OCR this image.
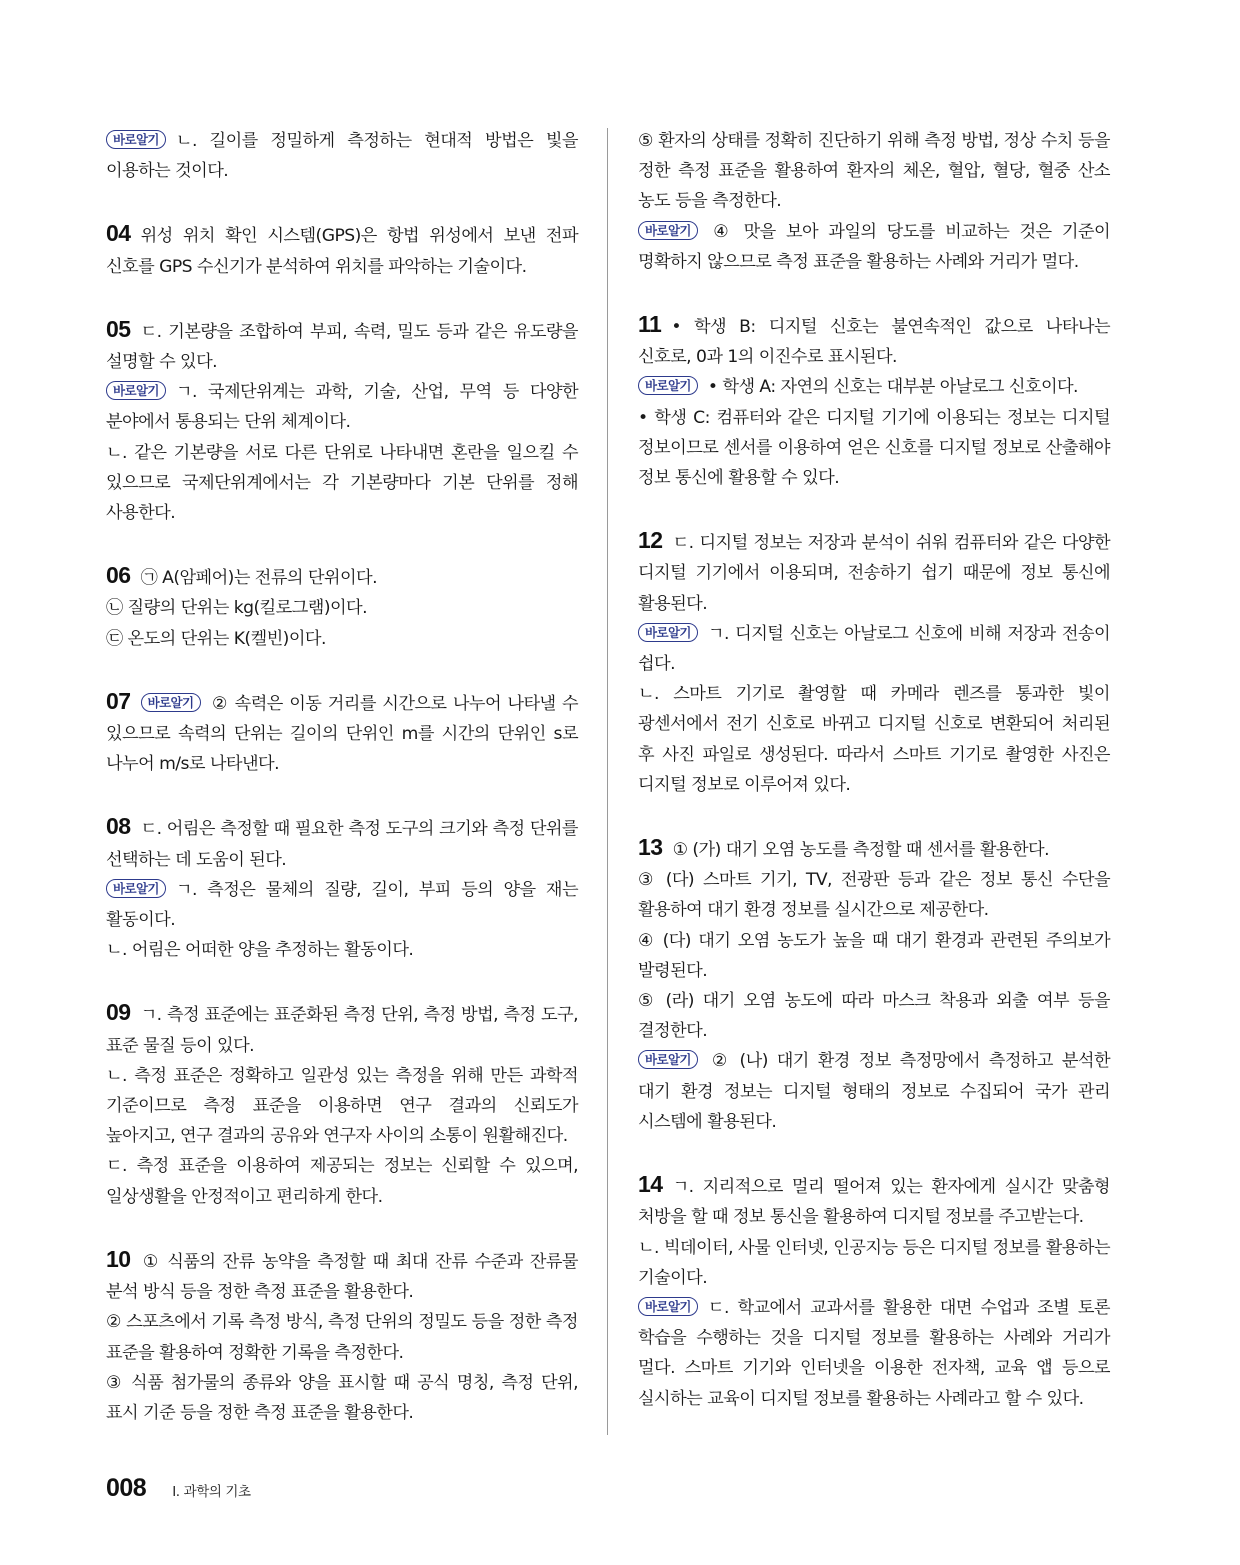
바로알기 ㄴ. 길이를 정밀하게 측정하는 현대적 방법은 빛을 이용하는 것이다.

04 위성 위치 확인 시스템(GPS)은 항법 위성에서 보낸 전파 신호를 GPS 수신기가 분석하여 위치를 파악하는 기술이다.

05 ㄷ. 기본량을 조합하여 부피, 속력, 밀도 등과 같은 유도량을 설명할 수 있다.

바로알기 ㄱ. 국제단위계는 과학, 기술, 산업, 무역 등 다양한 분야에서 통용되는 단위 체계이다.

ㄴ. 같은 기본량을 서로 다른 단위로 나타내면 혼란을 일으킬 수 있으므로 국제단위계에서는 각 기본량마다 기본 단위를 정해 사용한다.

06 ㉠ A(암페어)는 전류의 단위이다.

㉡ 질량의 단위는 kg(킬로그램)이다.

㉢ 온도의 단위는 K(켈빈)이다.

07 바로알기 ② 속력은 이동 거리를 시간으로 나누어 나타낼 수 있으므로 속력의 단위는 길이의 단위인 m를 시간의 단위인 s로 나누어 m/s로 나타낸다.

08 ㄷ. 어림은 측정할 때 필요한 측정 도구의 크기와 측정 단위를 선택하는 데 도움이 된다.

바로알기 ㄱ. 측정은 물체의 질량, 길이, 부피 등의 양을 재는 활동이다.

ㄴ. 어림은 어떠한 양을 추정하는 활동이다.

09 ㄱ. 측정 표준에는 표준화된 측정 단위, 측정 방법, 측정 도구, 표준 물질 등이 있다.

ㄴ. 측정 표준은 정확하고 일관성 있는 측정을 위해 만든 과학적 기준이므로 측정 표준을 이용하면 연구 결과의 신뢰도가 높아지고, 연구 결과의 공유와 연구자 사이의 소통이 원활해진다.

ㄷ. 측정 표준을 이용하여 제공되는 정보는 신뢰할 수 있으며, 일상생활을 안정적이고 편리하게 한다.

10 ① 식품의 잔류 농약을 측정할 때 최대 잔류 수준과 잔류물 분석 방식 등을 정한 측정 표준을 활용한다.

② 스포츠에서 기록 측정 방식, 측정 단위의 정밀도 등을 정한 측정 표준을 활용하여 정확한 기록을 측정한다.

③ 식품 첨가물의 종류와 양을 표시할 때 공식 명칭, 측정 단위, 표시 기준 등을 정한 측정 표준을 활용한다.

⑤ 환자의 상태를 정확히 진단하기 위해 측정 방법, 정상 수치 등을 정한 측정 표준을 활용하여 환자의 체온, 혈압, 혈당, 혈중 산소 농도 등을 측정한다.

바로알기 ④ 맛을 보아 과일의 당도를 비교하는 것은 기준이 명확하지 않으므로 측정 표준을 활용하는 사례와 거리가 멀다.

11 • 학생 B: 디지털 신호는 불연속적인 값으로 나타나는 신호로, 0과 1의 이진수로 표시된다.

바로알기 • 학생 A: 자연의 신호는 대부분 아날로그 신호이다.

• 학생 C: 컴퓨터와 같은 디지털 기기에 이용되는 정보는 디지털 정보이므로 센서를 이용하여 얻은 신호를 디지털 정보로 산출해야 정보 통신에 활용할 수 있다.

12 ㄷ. 디지털 정보는 저장과 분석이 쉬워 컴퓨터와 같은 다양한 디지털 기기에서 이용되며, 전송하기 쉽기 때문에 정보 통신에 활용된다.

바로알기 ㄱ. 디지털 신호는 아날로그 신호에 비해 저장과 전송이 쉽다.

ㄴ. 스마트 기기로 촬영할 때 카메라 렌즈를 통과한 빛이 광센서에서 전기 신호로 바뀌고 디지털 신호로 변환되어 처리된 후 사진 파일로 생성된다. 따라서 스마트 기기로 촬영한 사진은 디지털 정보로 이루어져 있다.

13 ① (가) 대기 오염 농도를 측정할 때 센서를 활용한다.

③ (다) 스마트 기기, TV, 전광판 등과 같은 정보 통신 수단을 활용하여 대기 환경 정보를 실시간으로 제공한다.

④ (다) 대기 오염 농도가 높을 때 대기 환경과 관련된 주의보가 발령된다.

⑤ (라) 대기 오염 농도에 따라 마스크 착용과 외출 여부 등을 결정한다.

바로알기 ② (나) 대기 환경 정보 측정망에서 측정하고 분석한 대기 환경 정보는 디지털 형태의 정보로 수집되어 국가 관리 시스템에 활용된다.

14 ㄱ. 지리적으로 멀리 떨어져 있는 환자에게 실시간 맞춤형 처방을 할 때 정보 통신을 활용하여 디지털 정보를 주고받는다.

ㄴ. 빅데이터, 사물 인터넷, 인공지능 등은 디지털 정보를 활용하는 기술이다.

바로알기 ㄷ. 학교에서 교과서를 활용한 대면 수업과 조별 토론 학습을 수행하는 것을 디지털 정보를 활용하는 사례와 거리가 멀다. 스마트 기기와 인터넷을 이용한 전자책, 교육 앱 등으로 실시하는 교육이 디지털 정보를 활용하는 사례라고 할 수 있다.

008 I. 과학의 기초
